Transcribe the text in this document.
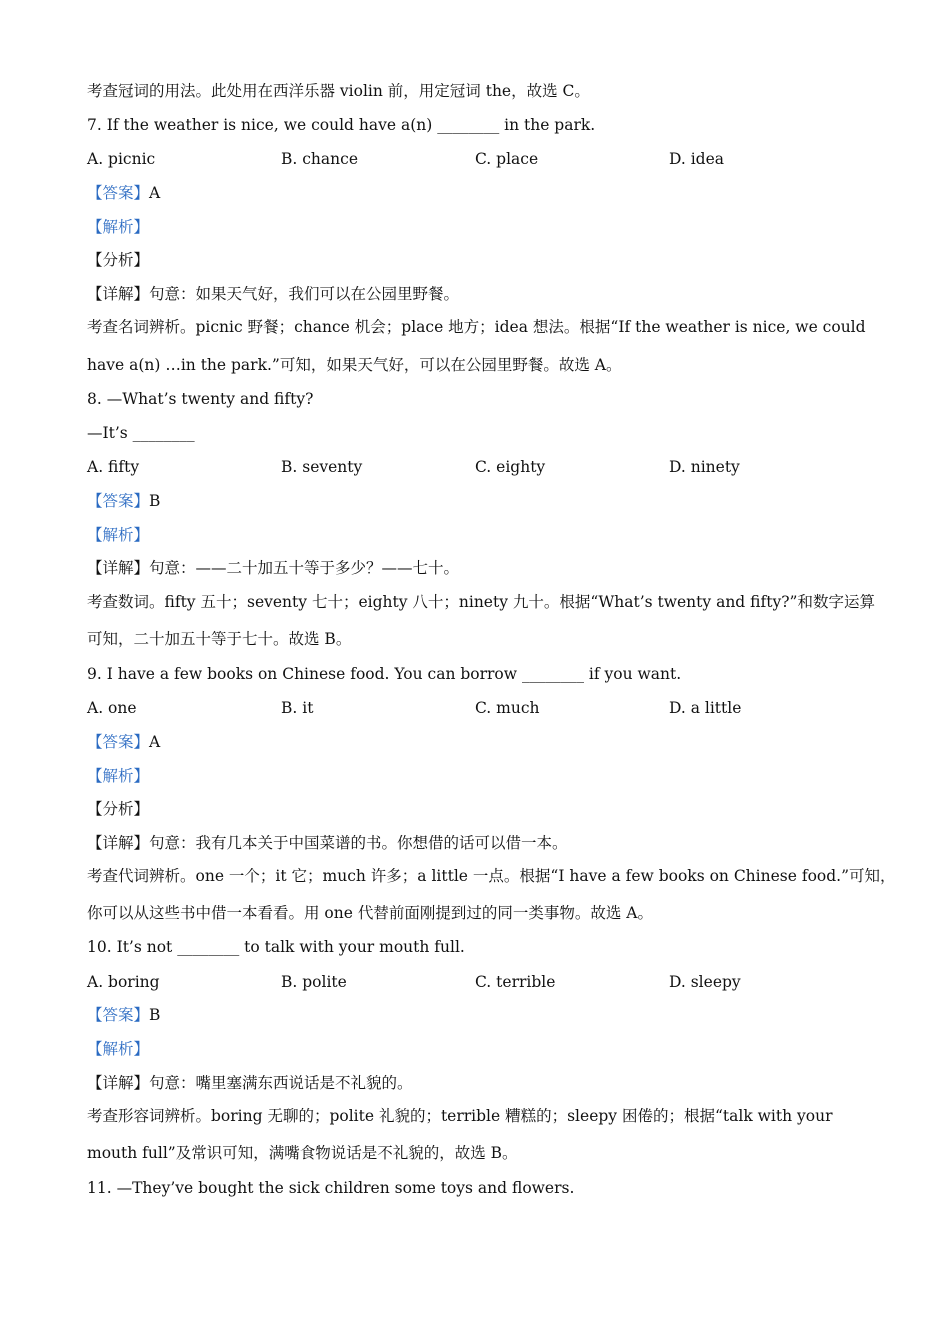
考查冠词的用法。此处用在西洋乐器 violin 前，用定冠词 the，故选 C。
7. If the weather is nice, we could have a(n) ________ in the park.
A. picnic	B. chance	C. place	D. idea
【答案】A
【解析】
【分析】
【详解】句意：如果天气好，我们可以在公园里野餐。
考查名词辨析。picnic 野餐；chance 机会；place 地方；idea 想法。根据“If the weather is nice, we could
have a(n) …in the park.”可知，如果天气好，可以在公园里野餐。故选 A。
8. —What’s twenty and fifty?
—It’s ________
A. fifty	B. seventy	C. eighty	D. ninety
【答案】B
【解析】
【详解】句意：——二十加五十等于多少？——七十。
考查数词。fifty 五十；seventy 七十；eighty 八十；ninety 九十。根据“What’s twenty and fifty?”和数字运算
可知，二十加五十等于七十。故选 B。
9. I have a few books on Chinese food. You can borrow ________ if you want.
A. one	B. it	C. much	D. a little
【答案】A
【解析】
【分析】
【详解】句意：我有几本关于中国菜谱的书。你想借的话可以借一本。
考查代词辨析。one 一个；it 它；much 许多；a little 一点。根据“I have a few books on Chinese food.”可知，
你可以从这些书中借一本看看。用 one 代替前面刚提到过的同一类事物。故选 A。
10. It’s not ________ to talk with your mouth full.
A. boring	B. polite	C. terrible	D. sleepy
【答案】B
【解析】
【详解】句意：嘴里塞满东西说话是不礼貌的。
考查形容词辨析。boring 无聊的；polite 礼貌的；terrible 糟糕的；sleepy 困倦的；根据“talk with your
mouth full”及常识可知，满嘴食物说话是不礼貌的，故选 B。
11. —They’ve bought the sick children some toys and flowers.
